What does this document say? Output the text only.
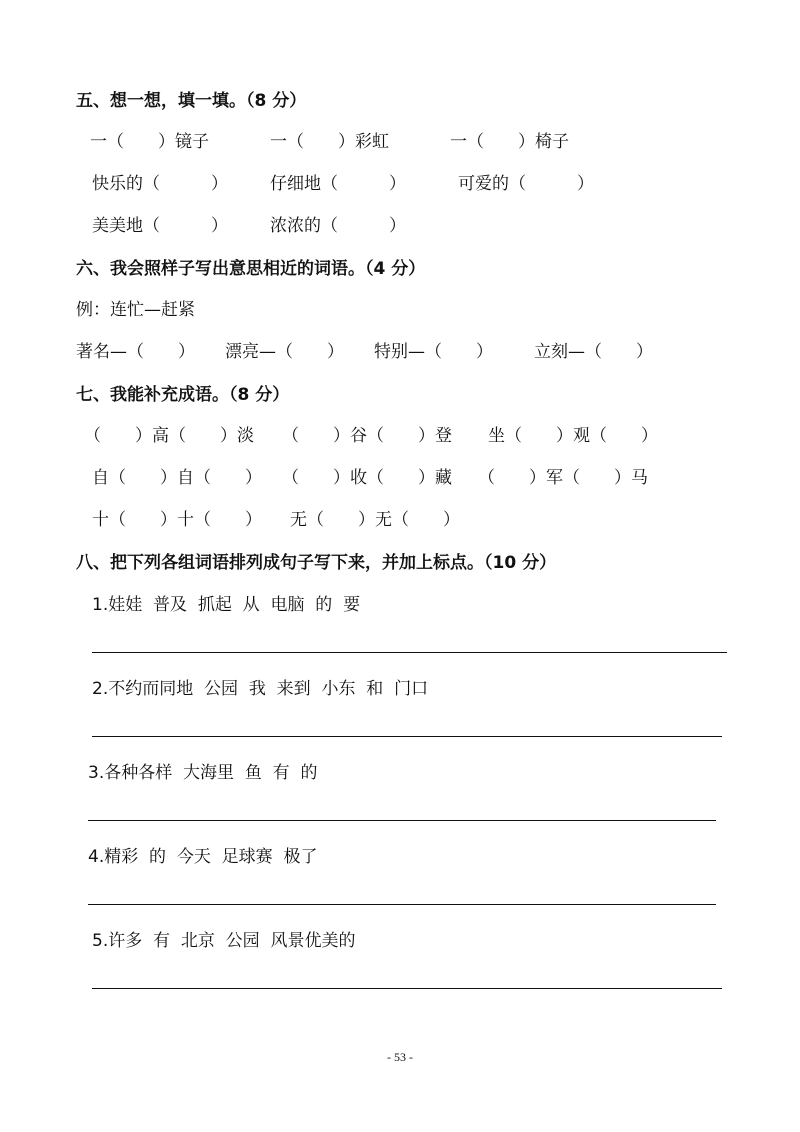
五、想一想，填一填。（8 分）
一（　　）镜子	一（　　）彩虹	一（　　）椅子
快乐的（　　　） 仔细地（　　　）	可爱的（　　　）
美美地（　　　） 浓浓的（　　　）
六、我会照样子写出意思相近的词语。（4 分）
例：连忙—赶紧
著名—（　　） 漂亮—（　　） 特别—（　　） 立刻—（　　）
七、我能补充成语。（8 分）
（　　）高（　　）淡 （　　）谷（　　）登 坐（　　）观（　　）
自（　　）自（　　） （　　）收（　　）藏 （　　）军（　　）马
十（　　）十（　　） 无（　　）无（　　）
八、把下列各组词语排列成句子写下来，并加上标点。（10 分）
1.娃娃  普及  抓起  从  电脑  的  要
2.不约而同地  公园  我  来到  小东  和  门口
3.各种各样  大海里  鱼  有  的
4.精彩  的  今天  足球赛  极了
5.许多  有  北京  公园  风景优美的
- 53 -
